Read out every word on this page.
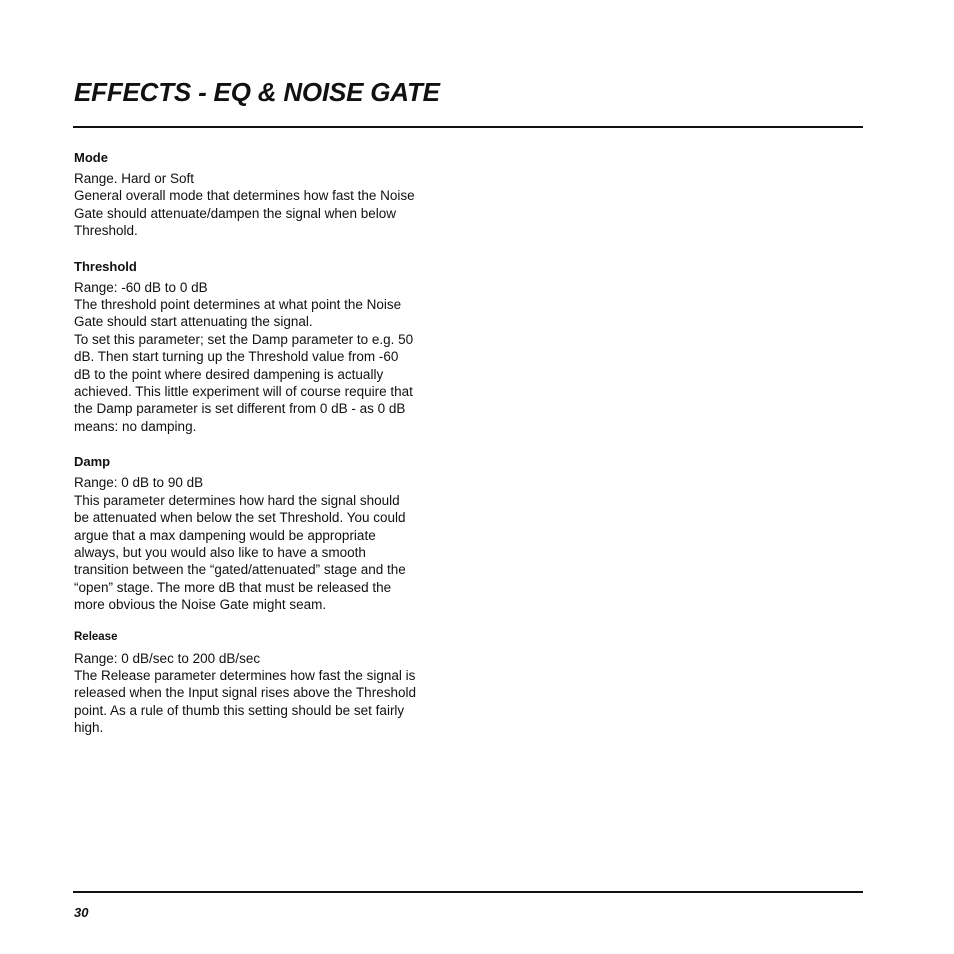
EFFECTS - EQ & NOISE GATE
Mode
Range. Hard or Soft
General overall mode that determines how fast the Noise
Gate should attenuate/dampen the signal when below
Threshold.
Threshold
Range: -60 dB to 0 dB
The threshold point determines at what point the Noise
Gate should start attenuating the signal.
To set this parameter; set the Damp parameter to e.g. 50
dB. Then start turning up the Threshold value from -60
dB to the point where desired dampening is actually
achieved. This little experiment will of course require that
the Damp parameter is set different from 0 dB - as 0 dB
means: no damping.
Damp
Range: 0 dB to 90 dB
This parameter determines how hard the signal should
be attenuated when below the set Threshold. You could
argue that a max dampening would be appropriate
always, but you would also like to have a smooth
transition between the “gated/attenuated” stage and the
“open” stage. The more dB that must be released the
more obvious the Noise Gate might seam.
Release
Range: 0 dB/sec to 200 dB/sec
The Release parameter determines how fast the signal is
released when the Input signal rises above the Threshold
point. As a rule of thumb this setting should be set fairly
high.
30
